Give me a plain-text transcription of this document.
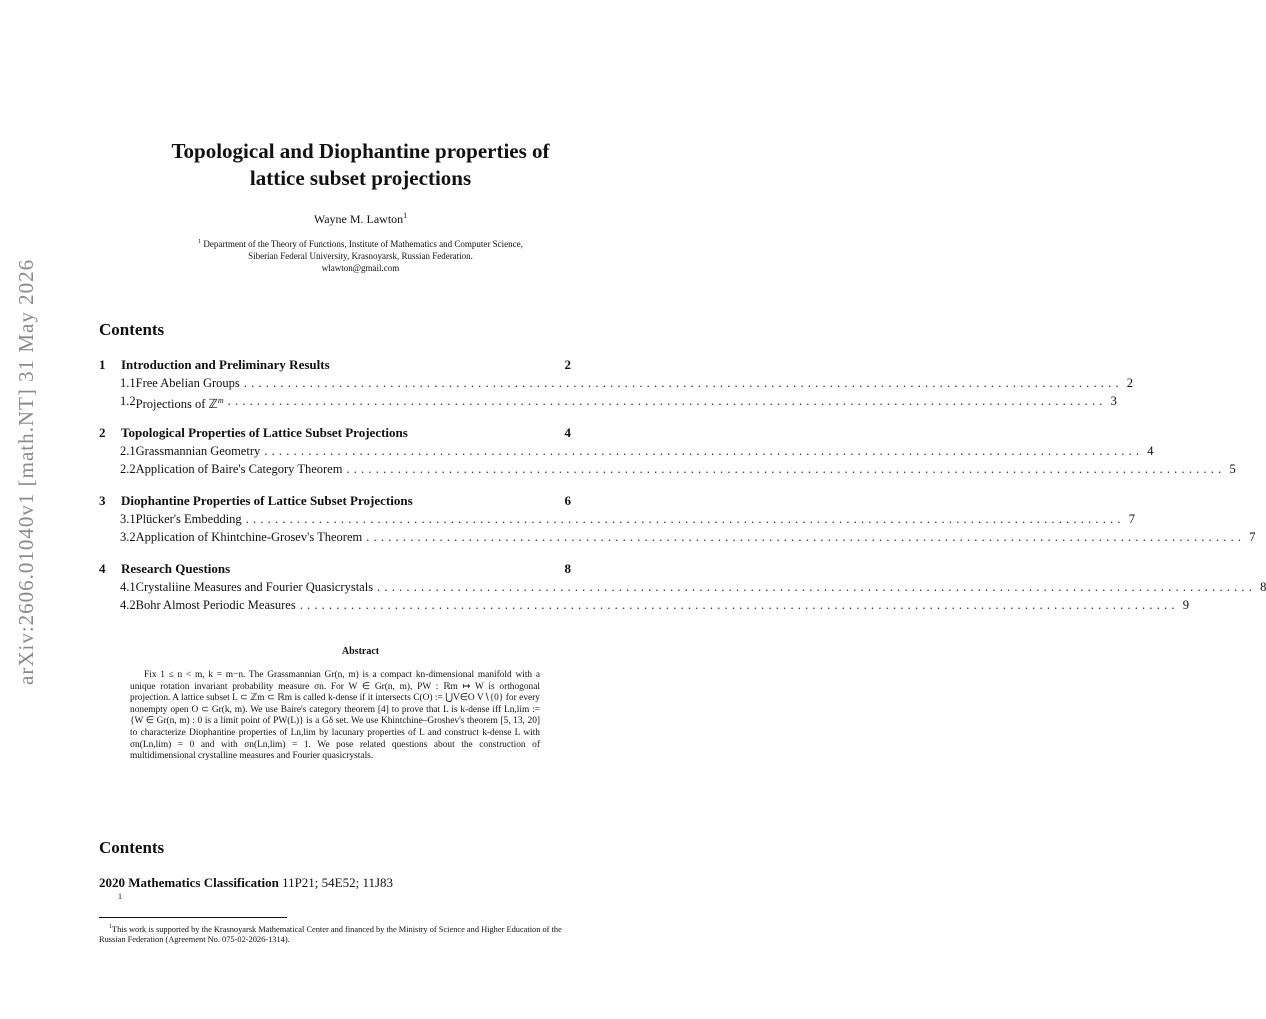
arXiv:2606.01040v1 [math.NT] 31 May 2026
Topological and Diophantine properties of
lattice subset projections
Wayne M. Lawton$^1$
$^1$ Department of the Theory of Functions, Institute of Mathematics and Computer Science,
Siberian Federal University, Krasnoyarsk, Russian Federation.
wlawton@gmail.com
Contents
1	Introduction and Preliminary Results	2
1.1 Free Abelian Groups ........................................................................................................................ 2
1.2 Projections of ℤ$^m$ ........................................................................................................................ 3
2	Topological Properties of Lattice Subset Projections	4
2.1 Grassmannian Geometry ........................................................................................................................ 4
2.2 Application of Baire's Category Theorem ........................................................................................................................ 5
3	Diophantine Properties of Lattice Subset Projections	6
3.1 Plücker's Embedding ........................................................................................................................ 7
3.2 Application of Khintchine-Grosev's Theorem ........................................................................................................................ 7
4	Research Questions	8
4.1 Crystaliine Measures and Fourier Quasicrystals ........................................................................................................................ 8
4.2 Bohr Almost Periodic Measures ........................................................................................................................ 9
Abstract
Fix 1 ≤ n < m, k = m−n. The Grassmannian Gr(n, m) is a compact kn-dimensional manifold with a unique rotation invariant probability measure σn. For W ∈ Gr(n, m), PW : ℝm ↦ W is orthogonal projection. A lattice subset L ⊂ ℤm ⊂ ℝm is called k-dense if it intersects C(O) := ⋃V∈O V∖{0} for every nonempty open O ⊂ Gr(k, m). We use Baire's category theorem [4] to prove that L is k-dense iff Ln,lim := {W ∈ Gr(n, m) : 0 is a limit point of PW(L)} is a Gδ set. We use Khintchine–Groshev's theorem [5, 13, 20] to characterize Diophantine properties of Ln,lim by lacunary properties of L and construct k-dense L with σn(Ln,lim) = 0 and with σn(Ln,lim) = 1. We pose related questions about the construction of multidimensional crystalline measures and Fourier quasicrystals.
Contents
2020 Mathematics Classification 11P21; 54E52; 11J83
1
$^1$This work is supported by the Krasnoyarsk Mathematical Center and financed by the Ministry of Science and Higher Education of the Russian Federation (Agreement No. 075-02-2026-1314).
